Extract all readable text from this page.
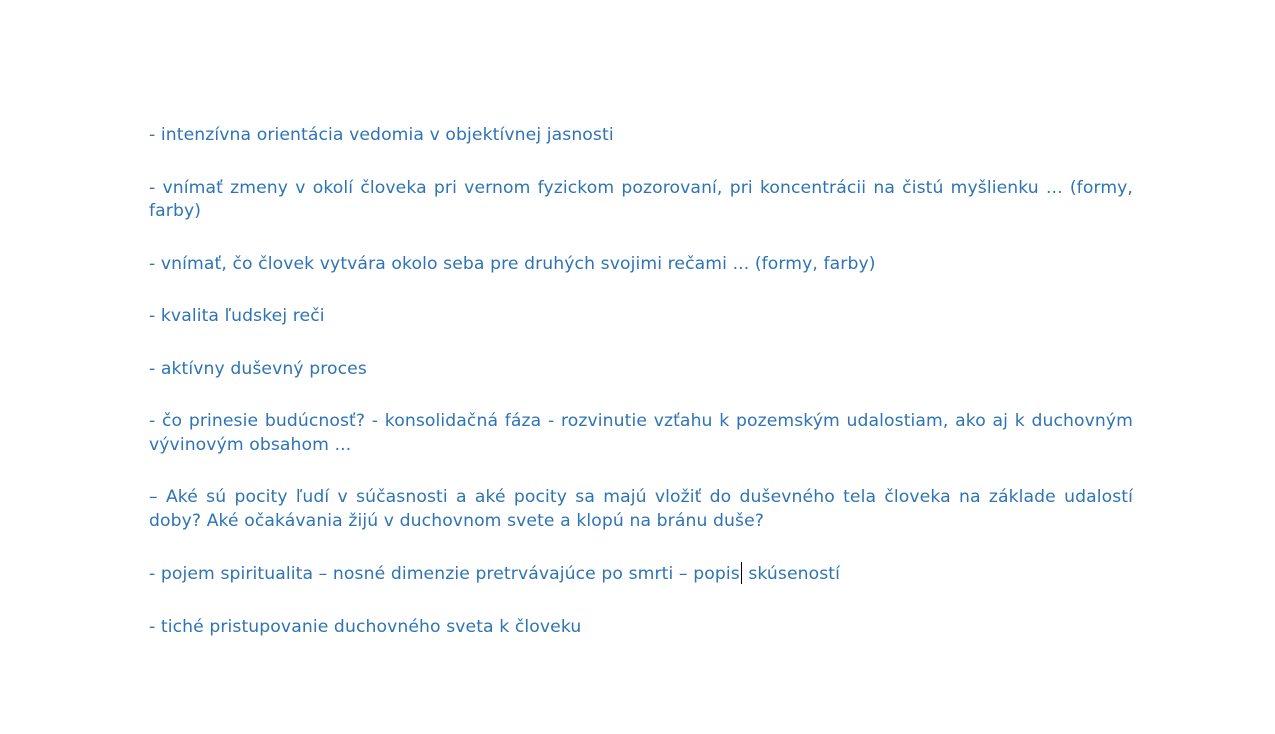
- intenzívna orientácia vedomia v objektívnej jasnosti

- vnímať zmeny v okolí človeka pri vernom fyzickom pozorovaní, pri koncentrácii na čistú myšlienku ... (formy, farby)

- vnímať, čo človek vytvára okolo seba pre druhých svojimi rečami ... (formy, farby)

- kvalita ľudskej reči

- aktívny duševný proces

- čo prinesie budúcnosť? - konsolidačná fáza - rozvinutie vzťahu k pozemským udalostiam, ako aj k duchovným vývinovým obsahom ...

– Aké sú pocity ľudí v súčasnosti a aké pocity sa majú vložiť do duševného tela človeka na základe udalostí doby? Aké očakávania žijú v duchovnom svete a klopú na bránu duše?

- pojem spiritualita – nosné dimenzie pretrvávajúce po smrti – popis skúseností

- tiché pristupovanie duchovného sveta k človeku
